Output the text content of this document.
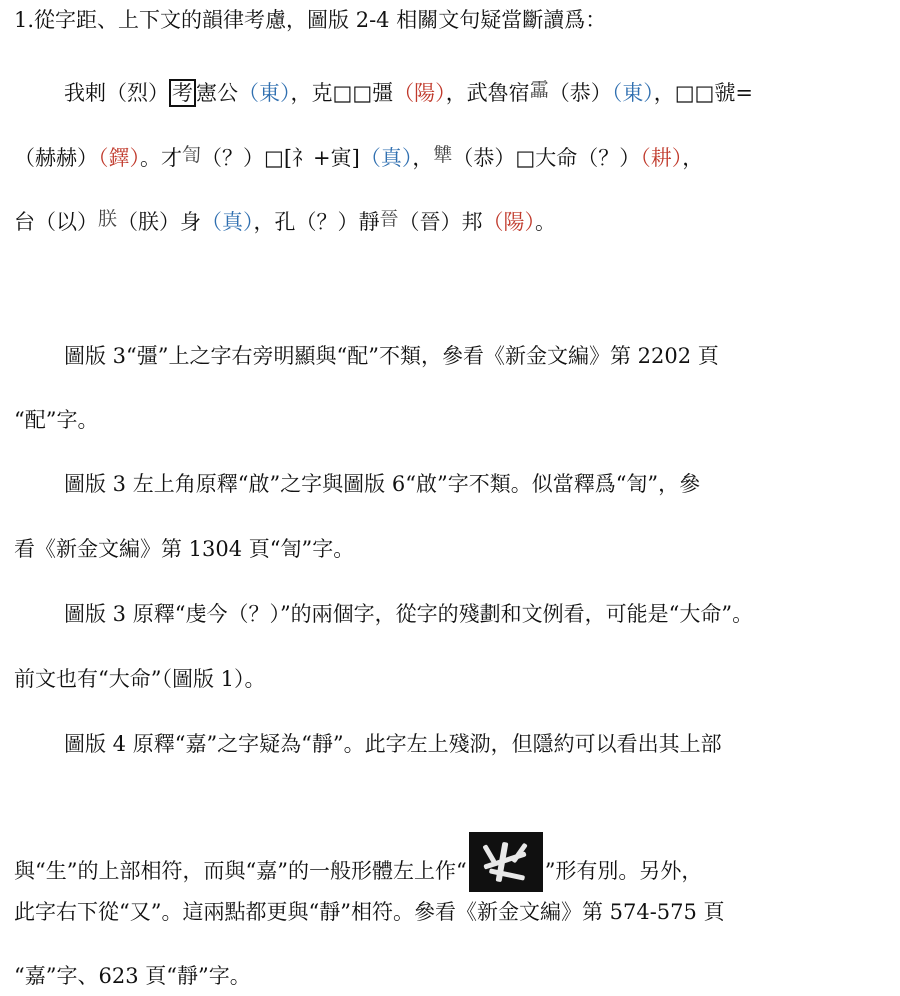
1.從字距、上下文的韻律考慮，圖版 2-4 相關文句疑當斷讀爲：
我剌（烈） 考 憲公（東），克□□彊（陽），武魯宿靁（恭）（東），□□虢=
（赫赫）（鐸）。才訇（？）□[礻+寅]（真），犨（恭）□大命（？）（耕），
台（以）朕（朕）身（真），孔（？）靜晉（晉）邦（陽）。
圖版 3“彊”上之字右旁明顯與“配”不類，參看《新金文編》第 2202 頁
“配”字。
圖版 3 左上角原釋“啟”之字與圖版 6“啟”字不類。似當釋爲“訇”，參
看《新金文編》第 1304 頁“訇”字。
圖版 3 原釋“虔今（？）”的兩個字，從字的殘劃和文例看，可能是“大命”。
前文也有“大命”（圖版 1）。
圖版 4 原釋“嘉”之字疑為“靜”。此字左上殘泐，但隱約可以看出其上部
與“生”的上部相符，而與“嘉”的一般形體左上作“	”形有別。另外，
此字右下從“又”。這兩點都更與“靜”相符。參看《新金文編》第 574-575 頁
“嘉”字、623 頁“靜”字。
